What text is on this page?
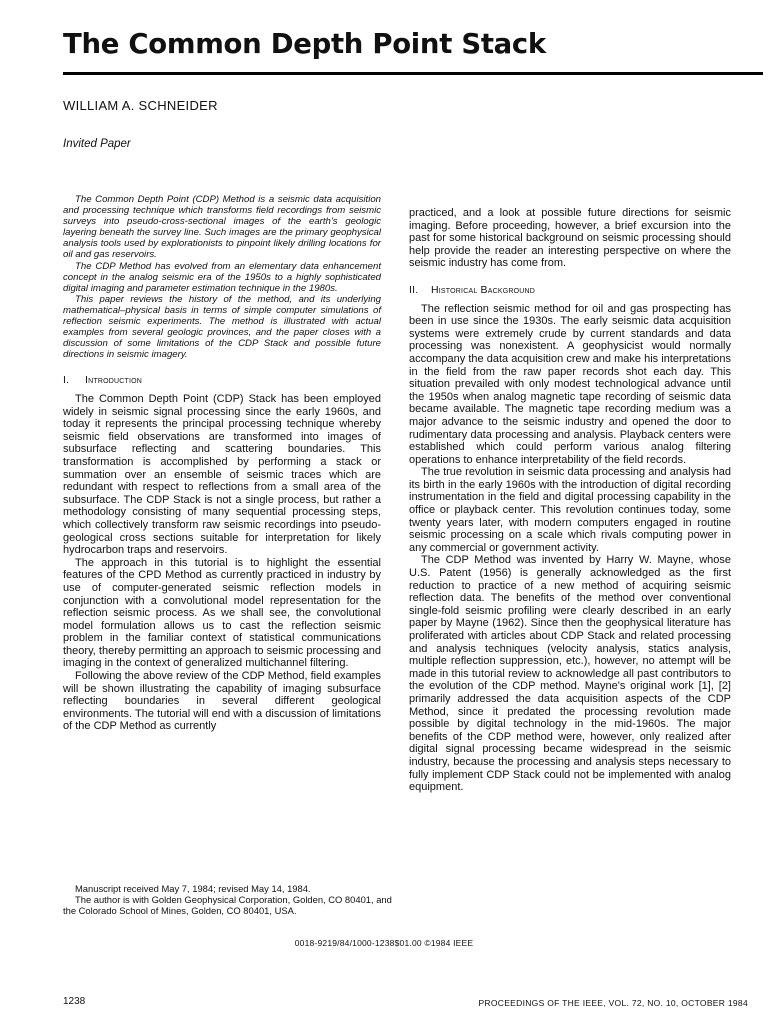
The Common Depth Point Stack
WILLIAM A. SCHNEIDER
Invited Paper

The Common Depth Point (CDP) Method is a seismic data acquisition and processing technique which transforms field recordings from seismic surveys into pseudo-cross-sectional images of the earth's geologic layering beneath the survey line. Such images are the primary geophysical analysis tools used by explorationists to pinpoint likely drilling locations for oil and gas reservoirs.

The CDP Method has evolved from an elementary data enhancement concept in the analog seismic era of the 1950s to a highly sophisticated digital imaging and parameter estimation technique in the 1980s.

This paper reviews the history of the method, and its underlying mathematical–physical basis in terms of simple computer simulations of reflection seismic experiments. The method is illustrated with actual examples from several geologic provinces, and the paper closes with a discussion of some limitations of the CDP Stack and possible future directions in seismic imagery.

I. Introduction

The Common Depth Point (CDP) Stack has been employed widely in seismic signal processing since the early 1960s, and today it represents the principal processing technique whereby seismic field observations are transformed into images of subsurface reflecting and scattering boundaries. This transformation is accomplished by performing a stack or summation over an ensemble of seismic traces which are redundant with respect to reflections from a small area of the subsurface. The CDP Stack is not a single process, but rather a methodology consisting of many sequential processing steps, which collectively transform raw seismic recordings into pseudo-geological cross sections suitable for interpretation for likely hydrocarbon traps and reservoirs.

The approach in this tutorial is to highlight the essential features of the CPD Method as currently practiced in industry by use of computer-generated seismic reflection models in conjunction with a convolutional model representation for the reflection seismic process. As we shall see, the convolutional model formulation allows us to cast the reflection seismic problem in the familiar context of statistical communications theory, thereby permitting an approach to seismic processing and imaging in the context of generalized multichannel filtering.

Following the above review of the CDP Method, field examples will be shown illustrating the capability of imaging subsurface reflecting boundaries in several different geological environments. The tutorial will end with a discussion of limitations of the CDP Method as currently

practiced, and a look at possible future directions for seismic imaging. Before proceeding, however, a brief excursion into the past for some historical background on seismic processing should help provide the reader an interesting perspective on where the seismic industry has come from.

II. Historical Background

The reflection seismic method for oil and gas prospecting has been in use since the 1930s. The early seismic data acquisition systems were extremely crude by current standards and data processing was nonexistent. A geophysicist would normally accompany the data acquisition crew and make his interpretations in the field from the raw paper records shot each day. This situation prevailed with only modest technological advance until the 1950s when analog magnetic tape recording of seismic data became available. The magnetic tape recording medium was a major advance to the seismic industry and opened the door to rudimentary data processing and analysis. Playback centers were established which could perform various analog filtering operations to enhance interpretability of the field records.

The true revolution in seismic data processing and analysis had its birth in the early 1960s with the introduction of digital recording instrumentation in the field and digital processing capability in the office or playback center. This revolution continues today, some twenty years later, with modern computers engaged in routine seismic processing on a scale which rivals computing power in any commercial or government activity.

The CDP Method was invented by Harry W. Mayne, whose U.S. Patent (1956) is generally acknowledged as the first reduction to practice of a new method of acquiring seismic reflection data. The benefits of the method over conventional single-fold seismic profiling were clearly described in an early paper by Mayne (1962). Since then the geophysical literature has proliferated with articles about CDP Stack and related processing and analysis techniques (velocity analysis, statics analysis, multiple reflection suppression, etc.), however, no attempt will be made in this tutorial review to acknowledge all past contributors to the evolution of the CDP method. Mayne's original work [1], [2] primarily addressed the data acquisition aspects of the CDP Method, since it predated the processing revolution made possible by digital technology in the mid-1960s. The major benefits of the CDP method were, however, only realized after digital signal processing became widespread in the seismic industry, because the processing and analysis steps necessary to fully implement CDP Stack could not be implemented with analog equipment.

Manuscript received May 7, 1984; revised May 14, 1984.

The author is with Golden Geophysical Corporation, Golden, CO 80401, and the Colorado School of Mines, Golden, CO 80401, USA.

0018-9219/84/1000-1238$01.00 ©1984 IEEE
1238	PROCEEDINGS OF THE IEEE, VOL. 72, NO. 10, OCTOBER 1984
